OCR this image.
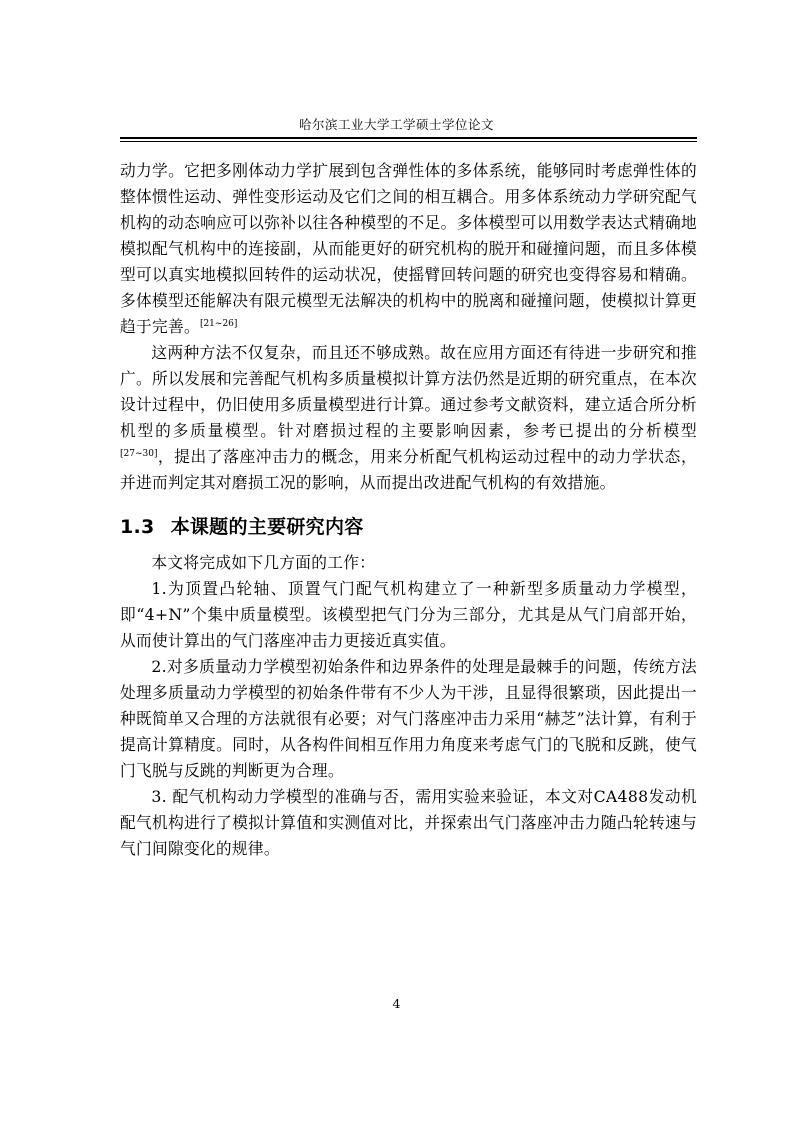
哈尔滨工业大学工学硕士学位论文

动力学。它把多刚体动力学扩展到包含弹性体的多体系统，能够同时考虑弹性体的整体惯性运动、弹性变形运动及它们之间的相互耦合。用多体系统动力学研究配气机构的动态响应可以弥补以往各种模型的不足。多体模型可以用数学表达式精确地模拟配气机构中的连接副，从而能更好的研究机构的脱开和碰撞问题，而且多体模型可以真实地模拟回转件的运动状况，使摇臂回转问题的研究也变得容易和精确。多体模型还能解决有限元模型无法解决的机构中的脱离和碰撞问题，使模拟计算更趋于完善。[21~26]

这两种方法不仅复杂，而且还不够成熟。故在应用方面还有待进一步研究和推广。所以发展和完善配气机构多质量模拟计算方法仍然是近期的研究重点，在本次设计过程中，仍旧使用多质量模型进行计算。通过参考文献资料，建立适合所分析机型的多质量模型。针对磨损过程的主要影响因素，参考已提出的分析模型[27~30]，提出了落座冲击力的概念，用来分析配气机构运动过程中的动力学状态，并进而判定其对磨损工况的影响，从而提出改进配气机构的有效措施。

1.3 本课题的主要研究内容

本文将完成如下几方面的工作：

1.为顶置凸轮轴、顶置气门配气机构建立了一种新型多质量动力学模型，即“4+N”个集中质量模型。该模型把气门分为三部分，尤其是从气门肩部开始，从而使计算出的气门落座冲击力更接近真实值。

2.对多质量动力学模型初始条件和边界条件的处理是最棘手的问题，传统方法处理多质量动力学模型的初始条件带有不少人为干涉，且显得很繁琐，因此提出一种既简单又合理的方法就很有必要；对气门落座冲击力采用“赫芝”法计算，有利于提高计算精度。同时，从各构件间相互作用力角度来考虑气门的飞脱和反跳，使气门飞脱与反跳的判断更为合理。

3. 配气机构动力学模型的准确与否，需用实验来验证，本文对CA488发动机配气机构进行了模拟计算值和实测值对比，并探索出气门落座冲击力随凸轮转速与气门间隙变化的规律。

4
